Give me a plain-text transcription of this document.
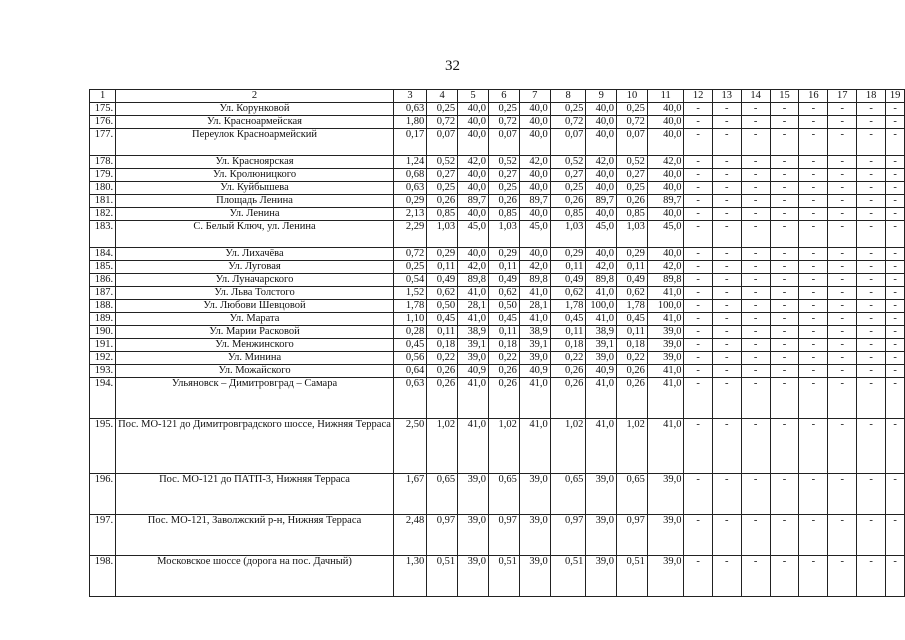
32
1	2	3	4	5	6	7	8	9	10	11	12	13	14	15	16	17	18	19
175.	Ул. Корунковой	0,63	0,25	40,0	0,25	40,0	0,25	40,0	0,25	40,0	-	-	-	-	-	-	-	-
176.	Ул. Красноармейская	1,80	0,72	40,0	0,72	40,0	0,72	40,0	0,72	40,0	-	-	-	-	-	-	-	-
177.	Переулок Красноармейский	0,17	0,07	40,0	0,07	40,0	0,07	40,0	0,07	40,0	-	-	-	-	-	-	-	-
178.	Ул. Красноярская	1,24	0,52	42,0	0,52	42,0	0,52	42,0	0,52	42,0	-	-	-	-	-	-	-	-
179.	Ул. Кролюницкого	0,68	0,27	40,0	0,27	40,0	0,27	40,0	0,27	40,0	-	-	-	-	-	-	-	-
180.	Ул. Куйбышева	0,63	0,25	40,0	0,25	40,0	0,25	40,0	0,25	40,0	-	-	-	-	-	-	-	-
181.	Площадь Ленина	0,29	0,26	89,7	0,26	89,7	0,26	89,7	0,26	89,7	-	-	-	-	-	-	-	-
182.	Ул. Ленина	2,13	0,85	40,0	0,85	40,0	0,85	40,0	0,85	40,0	-	-	-	-	-	-	-	-
183.	С. Белый Ключ, ул. Ленина	2,29	1,03	45,0	1,03	45,0	1,03	45,0	1,03	45,0	-	-	-	-	-	-	-	-
184.	Ул. Лихачёва	0,72	0,29	40,0	0,29	40,0	0,29	40,0	0,29	40,0	-	-	-	-	-	-	-	-
185.	Ул. Луговая	0,25	0,11	42,0	0,11	42,0	0,11	42,0	0,11	42,0	-	-	-	-	-	-	-	-
186.	Ул. Луначарского	0,54	0,49	89,8	0,49	89,8	0,49	89,8	0,49	89,8	-	-	-	-	-	-	-	-
187.	Ул. Льва Толстого	1,52	0,62	41,0	0,62	41,0	0,62	41,0	0,62	41,0	-	-	-	-	-	-	-	-
188.	Ул. Любови Шевцовой	1,78	0,50	28,1	0,50	28,1	1,78	100,0	1,78	100,0	-	-	-	-	-	-	-	-
189.	Ул. Марата	1,10	0,45	41,0	0,45	41,0	0,45	41,0	0,45	41,0	-	-	-	-	-	-	-	-
190.	Ул. Марии Расковой	0,28	0,11	38,9	0,11	38,9	0,11	38,9	0,11	39,0	-	-	-	-	-	-	-	-
191.	Ул. Менжинского	0,45	0,18	39,1	0,18	39,1	0,18	39,1	0,18	39,0	-	-	-	-	-	-	-	-
192.	Ул. Минина	0,56	0,22	39,0	0,22	39,0	0,22	39,0	0,22	39,0	-	-	-	-	-	-	-	-
193.	Ул. Можайского	0,64	0,26	40,9	0,26	40,9	0,26	40,9	0,26	41,0	-	-	-	-	-	-	-	-
194.	Ульяновск – Димитровград – Самара	0,63	0,26	41,0	0,26	41,0	0,26	41,0	0,26	41,0	-	-	-	-	-	-	-	-
195.	Пос. МО-121 до Димитровградского шоссе, Нижняя Терраса	2,50	1,02	41,0	1,02	41,0	1,02	41,0	1,02	41,0	-	-	-	-	-	-	-	-
196.	Пос. МО-121 до ПАТП-3, Нижняя Терраса	1,67	0,65	39,0	0,65	39,0	0,65	39,0	0,65	39,0	-	-	-	-	-	-	-	-
197.	Пос. МО-121, Заволжский р-н, Нижняя Терраса	2,48	0,97	39,0	0,97	39,0	0,97	39,0	0,97	39,0	-	-	-	-	-	-	-	-
198.	Московское шоссе (дорога на пос. Дачный)	1,30	0,51	39,0	0,51	39,0	0,51	39,0	0,51	39,0	-	-	-	-	-	-	-	-
